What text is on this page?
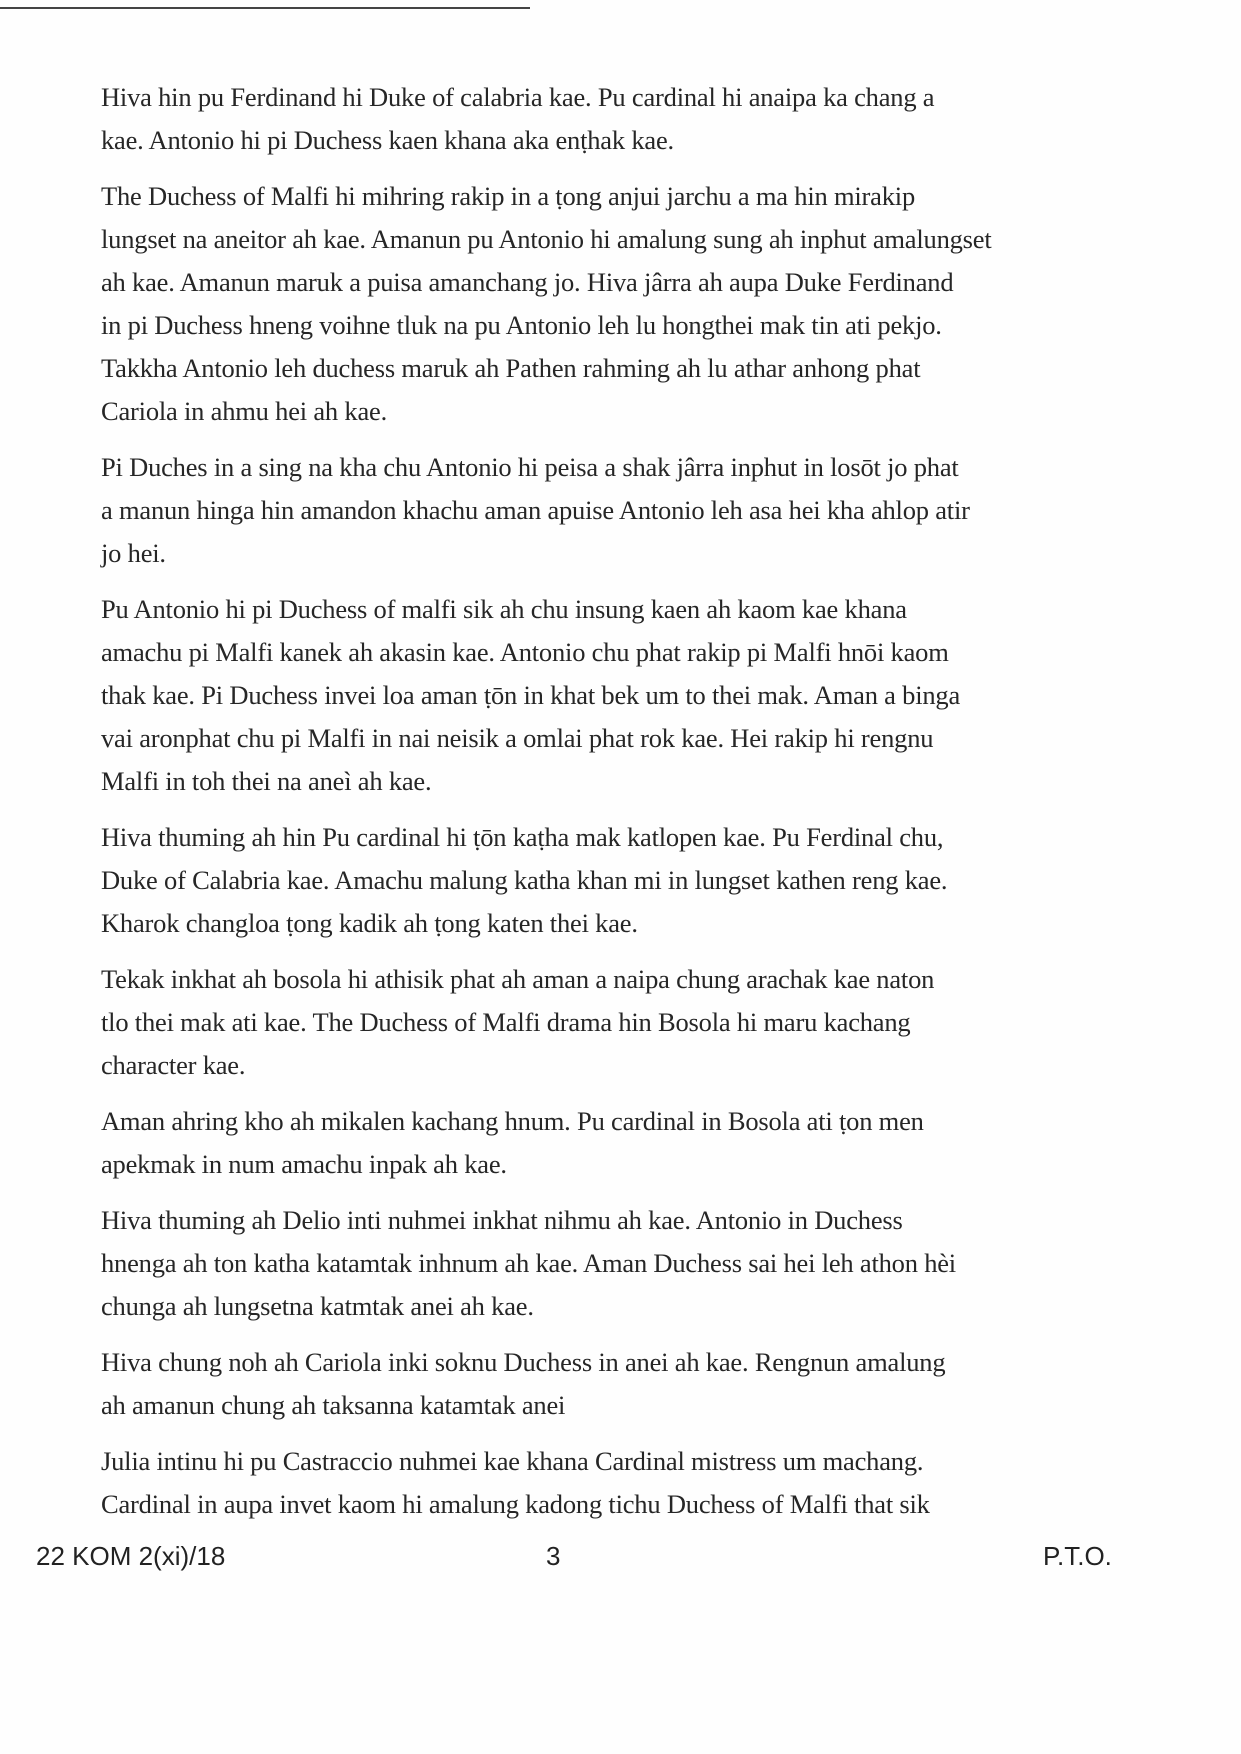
Hiva hin pu Ferdinand hi Duke of calabria kae. Pu cardinal hi anaipa ka chang a
kae. Antonio hi pi Duchess kaen khana aka enṭhak kae.

The Duchess of Malfi hi mihring rakip in a ṭong anjui jarchu a ma hin mirakip
lungset na aneitor ah kae. Amanun pu Antonio hi amalung sung ah inphut amalungset
ah kae. Amanun maruk a puisa amanchang jo. Hiva jârra ah aupa Duke Ferdinand
in pi Duchess hneng voihne tluk na pu Antonio leh lu hongthei mak tin ati pekjo.
Takkha Antonio leh duchess maruk ah Pathen rahming ah lu athar anhong phat
Cariola in ahmu hei ah kae.

Pi Duches in a sing na kha chu Antonio hi peisa a shak jârra inphut in losōt jo phat
a manun hinga hin amandon khachu aman apuise Antonio leh asa hei kha ahlop atir
jo hei.

Pu Antonio hi pi Duchess of malfi sik ah chu insung kaen ah kaom kae khana
amachu pi Malfi kanek ah akasin kae. Antonio chu phat rakip pi Malfi hnōi kaom
thak kae. Pi Duchess invei loa aman ṭōn in khat bek um to thei mak. Aman a binga
vai aronphat chu pi Malfi in nai neisik a omlai phat rok kae. Hei rakip hi rengnu
Malfi in toh thei na aneì ah kae.

Hiva thuming ah hin Pu cardinal hi ṭōn kaṭha mak katlopen kae. Pu Ferdinal chu,
Duke of Calabria kae. Amachu malung katha khan mi in lungset kathen reng kae.
Kharok changloa ṭong kadik ah ṭong katen thei kae.

Tekak inkhat ah bosola hi athisik phat ah aman a naipa chung arachak kae naton
tlo thei mak ati kae. The Duchess of Malfi drama hin Bosola hi maru kachang
character kae.

Aman ahring kho ah mikalen kachang hnum. Pu cardinal in Bosola ati ṭon men
apekmak in num amachu inpak ah kae.

Hiva thuming ah Delio inti nuhmei inkhat nihmu ah kae. Antonio in Duchess
hnenga ah ton katha katamtak inhnum ah kae. Aman Duchess sai hei leh athon hèi
chunga ah lungsetna katmtak anei ah kae.

Hiva chung noh ah Cariola inki soknu Duchess in anei ah kae. Rengnun amalung
ah amanun chung ah taksanna katamtak anei

Julia intinu hi pu Castraccio nuhmei kae khana Cardinal mistress um machang.
Cardinal in aupa invet kaom hi amalung kadong tichu Duchess of Malfi that sik

22 KOM 2(xi)/18	3	P.T.O.
